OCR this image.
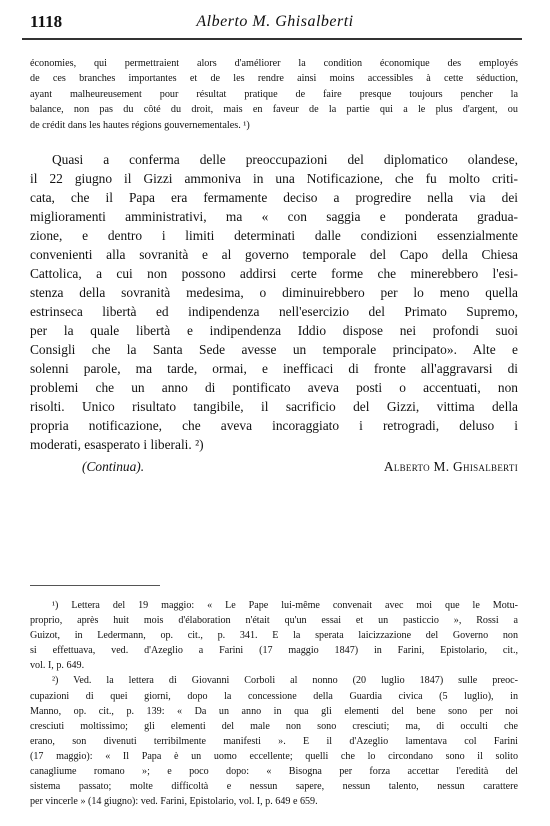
1118	Alberto M. Ghisalberti
économies, qui permettraient alors d'améliorer la condition économique des employés
de ces branches importantes et de les rendre ainsi moins accessibles à cette séduction,
ayant malheureusement pour résultat pratique de faire presque toujours pencher la
balance, non pas du côté du droit, mais en faveur de la partie qui a le plus d'argent, ou
de crédit dans les hautes régions gouvernementales. ¹)
Quasi a conferma delle preoccupazioni del diplomatico olandese,
il 22 giugno il Gizzi ammoniva in una Notificazione, che fu molto criti-
cata, che il Papa era fermamente deciso a progredire nella via dei
miglioramenti amministrativi, ma « con saggia e ponderata gradua-
zione, e dentro i limiti determinati dalle condizioni essenzialmente
convenienti alla sovranità e al governo temporale del Capo della Chiesa
Cattolica, a cui non possono addirsi certe forme che minerebbero l'esi-
stenza della sovranità medesima, o diminuirebbero per lo meno quella
estrinseca libertà ed indipendenza nell'esercizio del Primato Supremo,
per la quale libertà e indipendenza Iddio dispose nei profondi suoi
Consigli che la Santa Sede avesse un temporale principato». Alte e
solenni parole, ma tarde, ormai, e inefficaci di fronte all'aggravarsi di
problemi che un anno di pontificato aveva posti o accentuati, non
risolti. Unico risultato tangibile, il sacrificio del Gizzi, vittima della
propria notificazione, che aveva incoraggiato i retrogradi, deluso i
moderati, esasperato i liberali. ²)
(Continua).	Alberto M. Ghisalberti
¹) Lettera del 19 maggio: « Le Pape lui-même convenait avec moi que le Motu-
proprio, après huit mois d'élaboration n'était qu'un essai et un pasticcio », Rossi a
Guizot, in Ledermann, op. cit., p. 341. E la sperata laicizzazione del Governo non
si effettuava, ved. d'Azeglio a Farini (17 maggio 1847) in Farini, Epistolario, cit.,
vol. I, p. 649.
²) Ved. la lettera di Giovanni Corboli al nonno (20 luglio 1847) sulle preoc-
cupazioni di quei giorni, dopo la concessione della Guardia civica (5 luglio), in
Manno, op. cit., p. 139: « Da un anno in qua gli elementi del bene sono per noi
cresciuti moltissimo; gli elementi del male non sono cresciuti; ma, di occulti che
erano, son divenuti terribilmente manifesti ». E il d'Azeglio lamentava col Farini
(17 maggio): « Il Papa è un uomo eccellente; quelli che lo circondano sono il solito
canagliume romano »; e poco dopo: « Bisogna per forza accettar l'eredità del
sistema passato; molte difficoltà e nessun sapere, nessun talento, nessun carattere
per vincerle » (14 giugno): ved. Farini, Epistolario, vol. I, p. 649 e 659.
